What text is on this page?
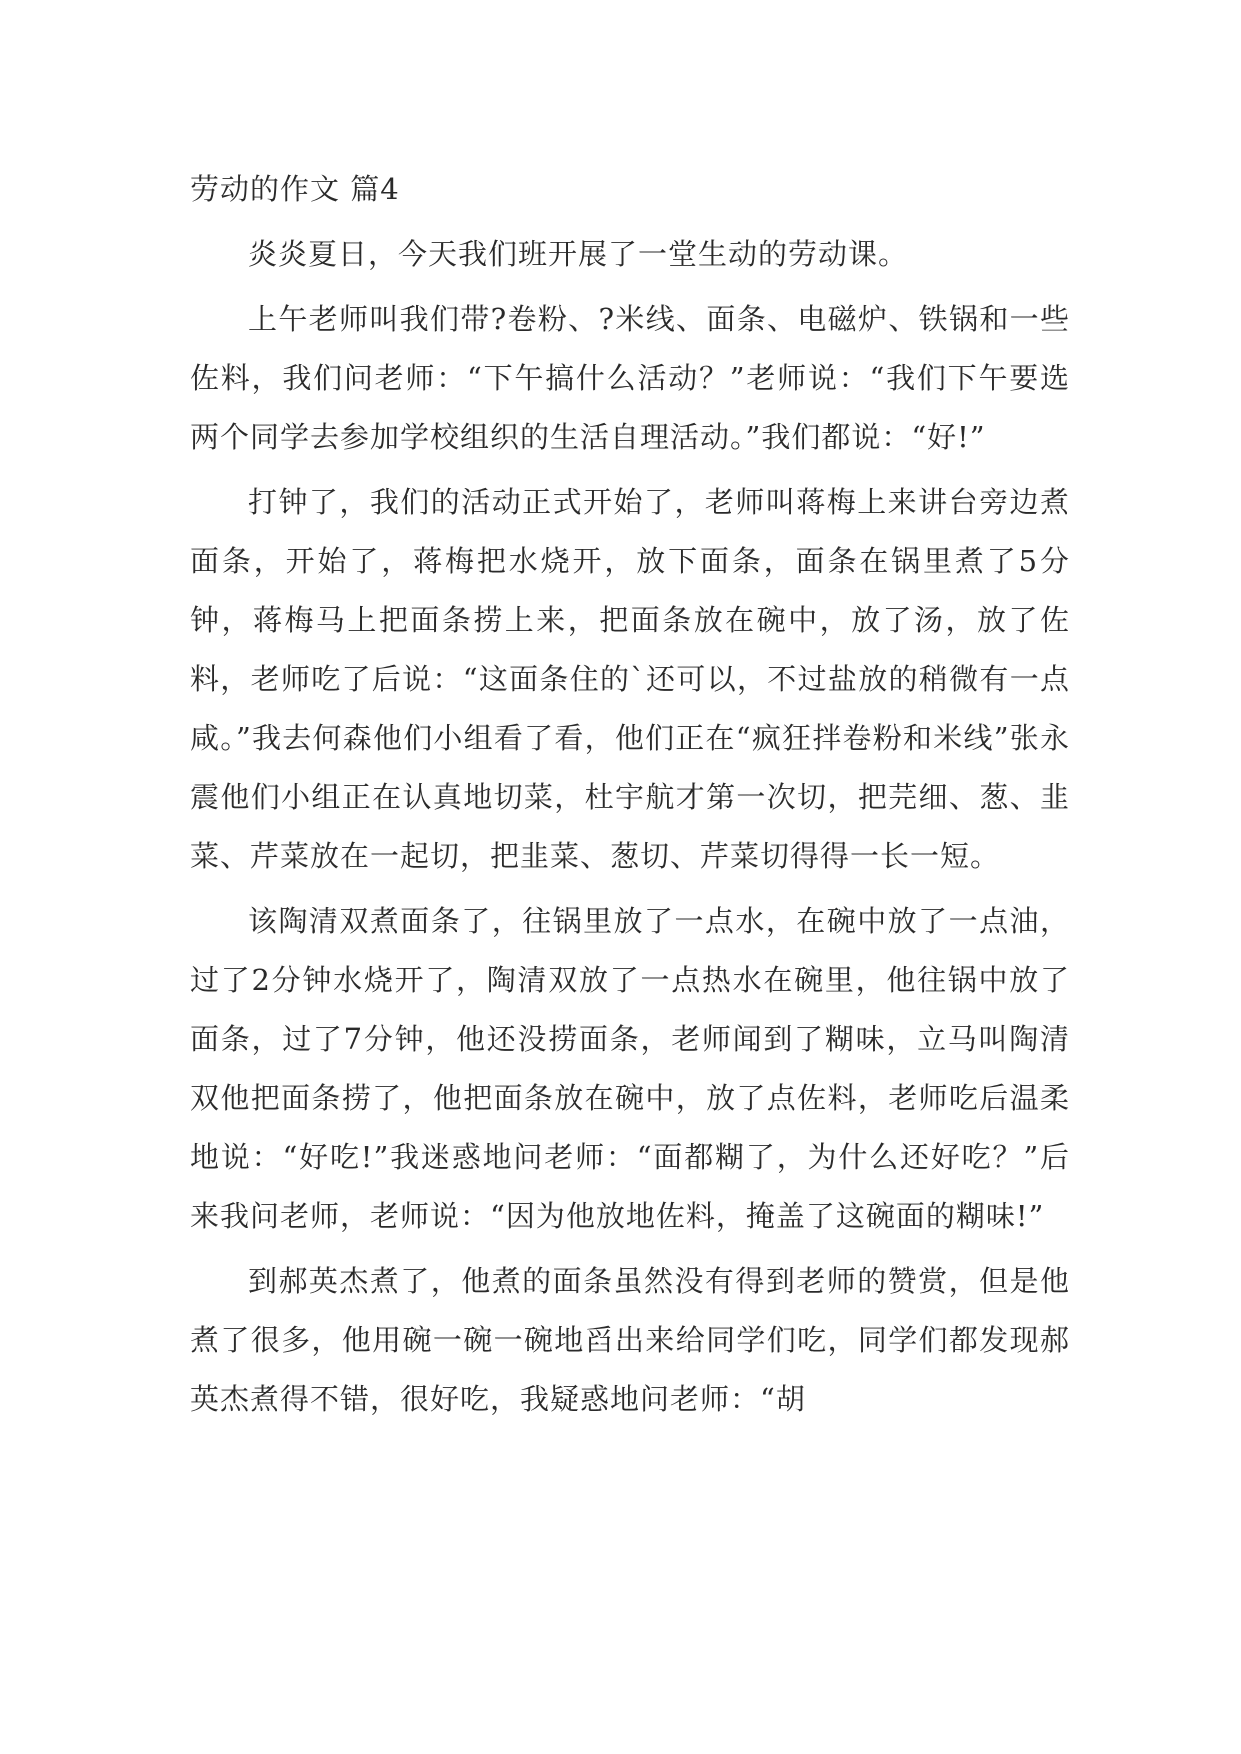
劳动的作文 篇4

炎炎夏日，今天我们班开展了一堂生动的劳动课。

上午老师叫我们带?卷粉、?米线、面条、电磁炉、铁锅和一些佐料，我们问老师：“下午搞什么活动？”老师说：“我们下午要选两个同学去参加学校组织的生活自理活动。”我们都说：“好!”

打钟了，我们的活动正式开始了，老师叫蒋梅上来讲台旁边煮面条，开始了，蒋梅把水烧开，放下面条，面条在锅里煮了5分钟，蒋梅马上把面条捞上来，把面条放在碗中，放了汤，放了佐料，老师吃了后说：“这面条住的`还可以，不过盐放的稍微有一点咸。”我去何森他们小组看了看，他们正在“疯狂拌卷粉和米线”张永震他们小组正在认真地切菜，杜宇航才第一次切，把芫细、葱、韭菜、芹菜放在一起切，把韭菜、葱切、芹菜切得得一长一短。

该陶清双煮面条了，往锅里放了一点水，在碗中放了一点油，过了2分钟水烧开了，陶清双放了一点热水在碗里，他往锅中放了面条，过了7分钟，他还没捞面条，老师闻到了糊味，立马叫陶清双他把面条捞了，他把面条放在碗中，放了点佐料，老师吃后温柔地说：“好吃!”我迷惑地问老师：“面都糊了，为什么还好吃？”后来我问老师，老师说：“因为他放地佐料，掩盖了这碗面的糊味!”

到郝英杰煮了，他煮的面条虽然没有得到老师的赞赏，但是他煮了很多，他用碗一碗一碗地舀出来给同学们吃，同学们都发现郝英杰煮得不错，很好吃，我疑惑地问老师：“胡
